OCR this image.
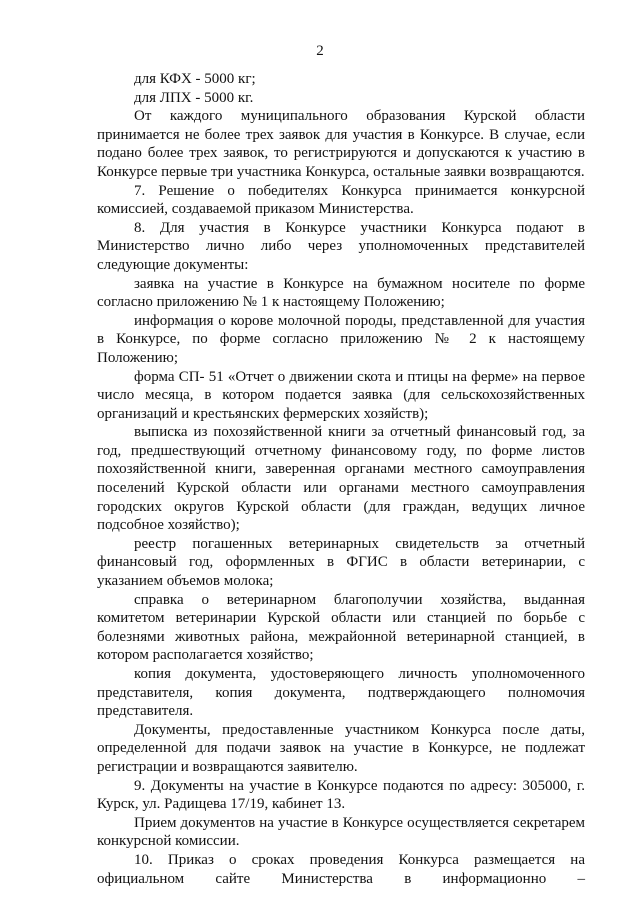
2

для КФХ - 5000 кг;

для ЛПХ - 5000 кг.

От каждого муниципального образования Курской области принимается не более трех заявок для участия в Конкурсе. В случае, если подано более трех заявок, то регистрируются и допускаются к участию в Конкурсе первые три участника Конкурса, остальные заявки возвращаются.

7. Решение о победителях Конкурса принимается конкурсной комиссией, создаваемой приказом Министерства.

8. Для участия в Конкурсе участники Конкурса подают в Министерство лично либо через уполномоченных представителей следующие документы:

заявка на участие в Конкурсе на бумажном носителе по форме согласно приложению № 1 к настоящему Положению;

информация о корове молочной породы, представленной для участия в Конкурсе, по форме согласно приложению № 2 к настоящему Положению;

форма СП- 51 «Отчет о движении скота и птицы на ферме» на первое число месяца, в котором подается заявка (для сельскохозяйственных организаций и крестьянских фермерских хозяйств);

выписка из похозяйственной книги за отчетный финансовый год, за год, предшествующий отчетному финансовому году, по форме листов похозяйственной книги, заверенная органами местного самоуправления поселений Курской области или органами местного самоуправления городских округов Курской области (для граждан, ведущих личное подсобное хозяйство);

реестр погашенных ветеринарных свидетельств за отчетный финансовый год, оформленных в ФГИС в области ветеринарии, с указанием объемов молока;

справка о ветеринарном благополучии хозяйства, выданная комитетом ветеринарии Курской области или станцией по борьбе с болезнями животных района, межрайонной ветеринарной станцией, в котором располагается хозяйство;

копия документа, удостоверяющего личность уполномоченного представителя, копия документа, подтверждающего полномочия представителя.

Документы, предоставленные участником Конкурса после даты, определенной для подачи заявок на участие в Конкурсе, не подлежат регистрации и возвращаются заявителю.

9. Документы на участие в Конкурсе подаются по адресу: 305000, г. Курск, ул. Радищева 17/19, кабинет 13.

Прием документов на участие в Конкурсе осуществляется секретарем конкурсной комиссии.

10. Приказ о сроках проведения Конкурса размещается на официальном сайте Министерства в информационно –
